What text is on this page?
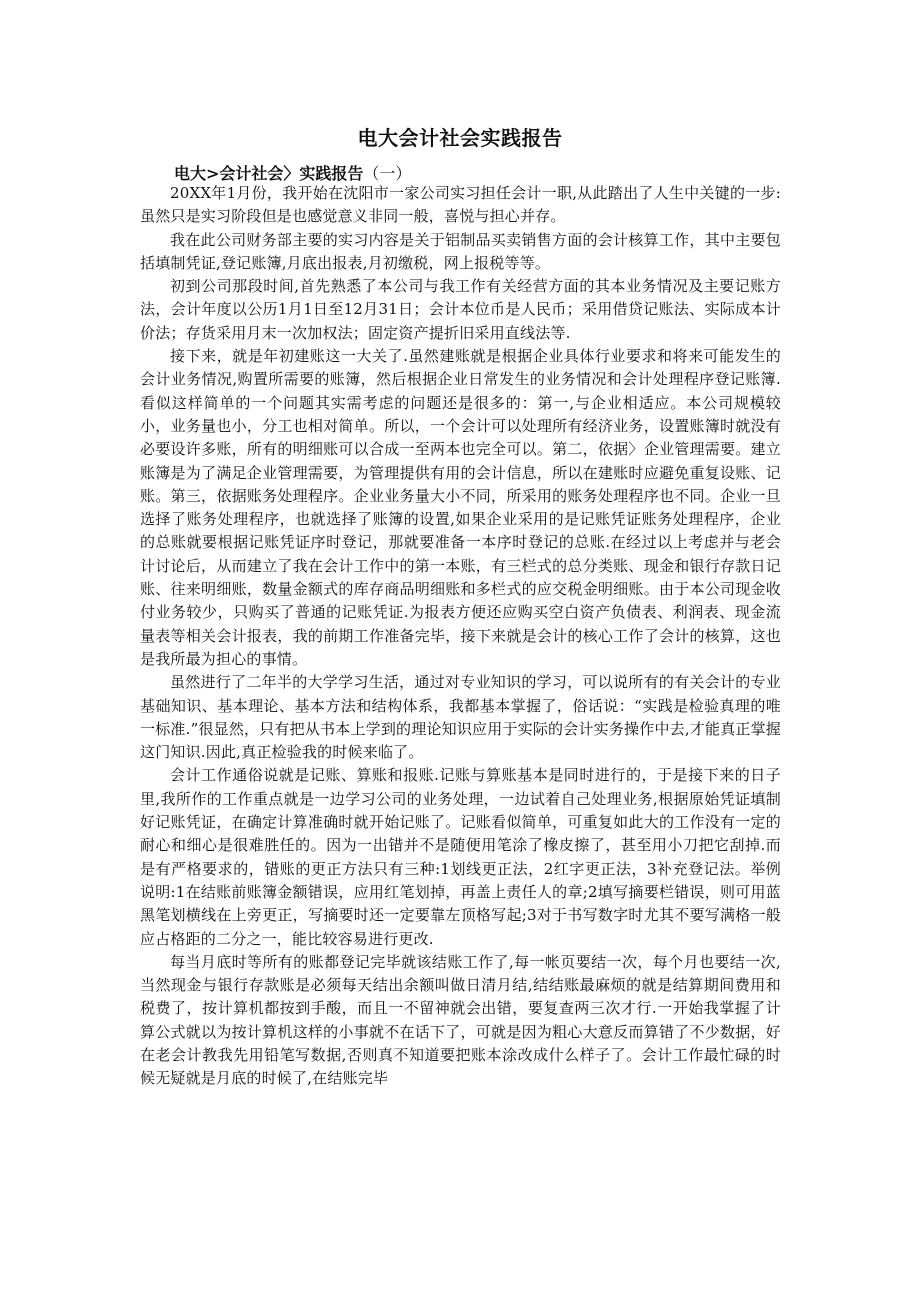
电大会计社会实践报告
电大>会计社会〉实践报告（一）

20XX年1月份，我开始在沈阳市一家公司实习担任会计一职,从此踏出了人生中关键的一步:虽然只是实习阶段但是也感觉意义非同一般，喜悦与担心并存。

我在此公司财务部主要的实习内容是关于铝制品买卖销售方面的会计核算工作，其中主要包括填制凭证,登记账簿,月底出报表,月初缴税，网上报税等等。

初到公司那段时间,首先熟悉了本公司与我工作有关经营方面的其本业务情况及主要记账方法，会计年度以公历1月1日至12月31日；会计本位币是人民币；采用借贷记账法、实际成本计价法；存货采用月末一次加权法；固定资产提折旧采用直线法等.

接下来，就是年初建账这一大关了.虽然建账就是根据企业具体行业要求和将来可能发生的会计业务情况,购置所需要的账簿，然后根据企业日常发生的业务情况和会计处理程序登记账簿.看似这样简单的一个问题其实需考虑的问题还是很多的：第一,与企业相适应。本公司规模较小，业务量也小，分工也相对简单。所以，一个会计可以处理所有经济业务，设置账簿时就没有必要设许多账，所有的明细账可以合成一至两本也完全可以。第二，依据〉企业管理需要。建立账簿是为了满足企业管理需要，为管理提供有用的会计信息，所以在建账时应避免重复设账、记账。第三，依据账务处理程序。企业业务量大小不同，所采用的账务处理程序也不同。企业一旦选择了账务处理程序，也就选择了账簿的设置,如果企业采用的是记账凭证账务处理程序，企业的总账就要根据记账凭证序时登记，那就要准备一本序时登记的总账.在经过以上考虑并与老会计讨论后，从而建立了我在会计工作中的第一本账，有三栏式的总分类账、现金和银行存款日记账、往来明细账，数量金额式的库存商品明细账和多栏式的应交税金明细账。由于本公司现金收付业务较少，只购买了普通的记账凭证.为报表方便还应购买空白资产负债表、利润表、现金流量表等相关会计报表，我的前期工作准备完毕，接下来就是会计的核心工作了会计的核算，这也是我所最为担心的事情。

虽然进行了二年半的大学学习生活，通过对专业知识的学习，可以说所有的有关会计的专业基础知识、基本理论、基本方法和结构体系，我都基本掌握了，俗话说：“实践是检验真理的唯一标准.”很显然，只有把从书本上学到的理论知识应用于实际的会计实务操作中去,才能真正掌握这门知识.因此,真正检验我的时候来临了。

会计工作通俗说就是记账、算账和报账.记账与算账基本是同时进行的，于是接下来的日子里,我所作的工作重点就是一边学习公司的业务处理，一边试着自己处理业务,根据原始凭证填制好记账凭证，在确定计算准确时就开始记账了。记账看似简单，可重复如此大的工作没有一定的耐心和细心是很难胜任的。因为一出错并不是随便用笔涂了橡皮擦了，甚至用小刀把它刮掉.而是有严格要求的，错账的更正方法只有三种:1划线更正法，2红字更正法，3补充登记法。举例说明:1在结账前账簿金额错误，应用红笔划掉，再盖上责任人的章;2填写摘要栏错误，则可用蓝黑笔划横线在上旁更正，写摘要时还一定要靠左顶格写起;3对于书写数字时尤其不要写满格一般应占格距的二分之一，能比较容易进行更改.

每当月底时等所有的账都登记完毕就该结账工作了,每一帐页要结一次，每个月也要结一次,当然现金与银行存款账是必须每天结出余额叫做日清月结,结结账最麻烦的就是结算期间费用和税费了，按计算机都按到手酸，而且一不留神就会出错，要复查两三次才行.一开始我掌握了计算公式就以为按计算机这样的小事就不在话下了，可就是因为粗心大意反而算错了不少数据，好在老会计教我先用铅笔写数据,否则真不知道要把账本涂改成什么样子了。会计工作最忙碌的时候无疑就是月底的时候了,在结账完毕
